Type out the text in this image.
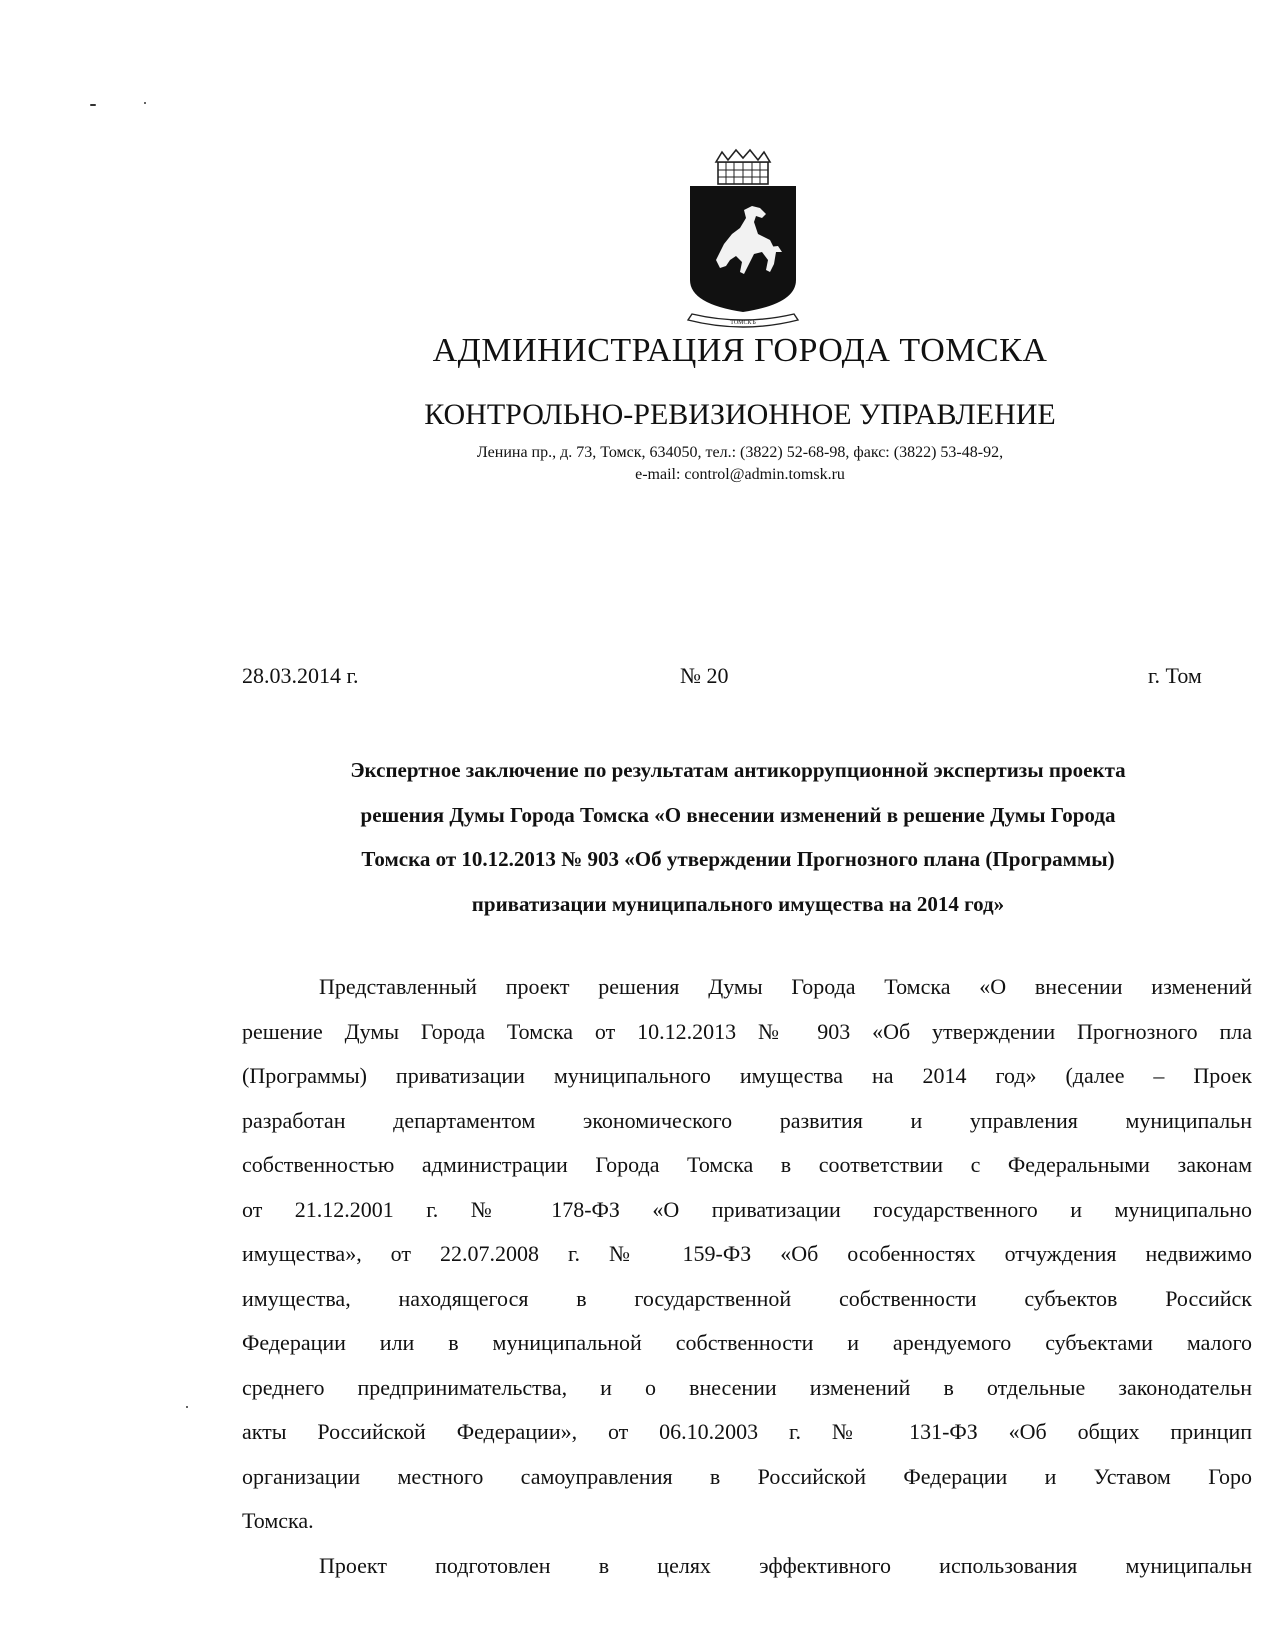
ТОМСКЪ
АДМИНИСТРАЦИЯ ГОРОДА ТОМСКА
КОНТРОЛЬНО-РЕВИЗИОННОЕ УПРАВЛЕНИЕ
Ленина пр., д. 73, Томск, 634050, тел.: (3822) 52-68-98, факс: (3822) 53-48-92,
e-mail: control@admin.tomsk.ru
28.03.2014 г.	№ 20	г. Том
Экспертное заключение по результатам антикоррупционной экспертизы проекта
решения Думы Города Томска «О внесении изменений в решение Думы Города
Томска от 10.12.2013 № 903 «Об утверждении Прогнозного плана (Программы)
приватизации муниципального имущества на 2014 год»
Представленный проект решения Думы Города Томска «О внесении изменений
решение Думы Города Томска от 10.12.2013 № 903 «Об утверждении Прогнозного пла
(Программы) приватизации муниципального имущества на 2014 год» (далее – Проек
разработан департаментом экономического развития и управления муниципальн
собственностью администрации Города Томска в соответствии с Федеральными законам
от 21.12.2001 г. № 178-ФЗ «О приватизации государственного и муниципально
имущества», от 22.07.2008 г. № 159-ФЗ «Об особенностях отчуждения недвижимо
имущества, находящегося в государственной собственности субъектов Российск
Федерации или в муниципальной собственности и арендуемого субъектами малого
среднего предпринимательства, и о внесении изменений в отдельные законодательн
акты Российской Федерации», от 06.10.2003 г. № 131-ФЗ «Об общих принцип
организации местного самоуправления в Российской Федерации и Уставом Горо
Томска.
Проект подготовлен в целях эффективного использования муниципальн
